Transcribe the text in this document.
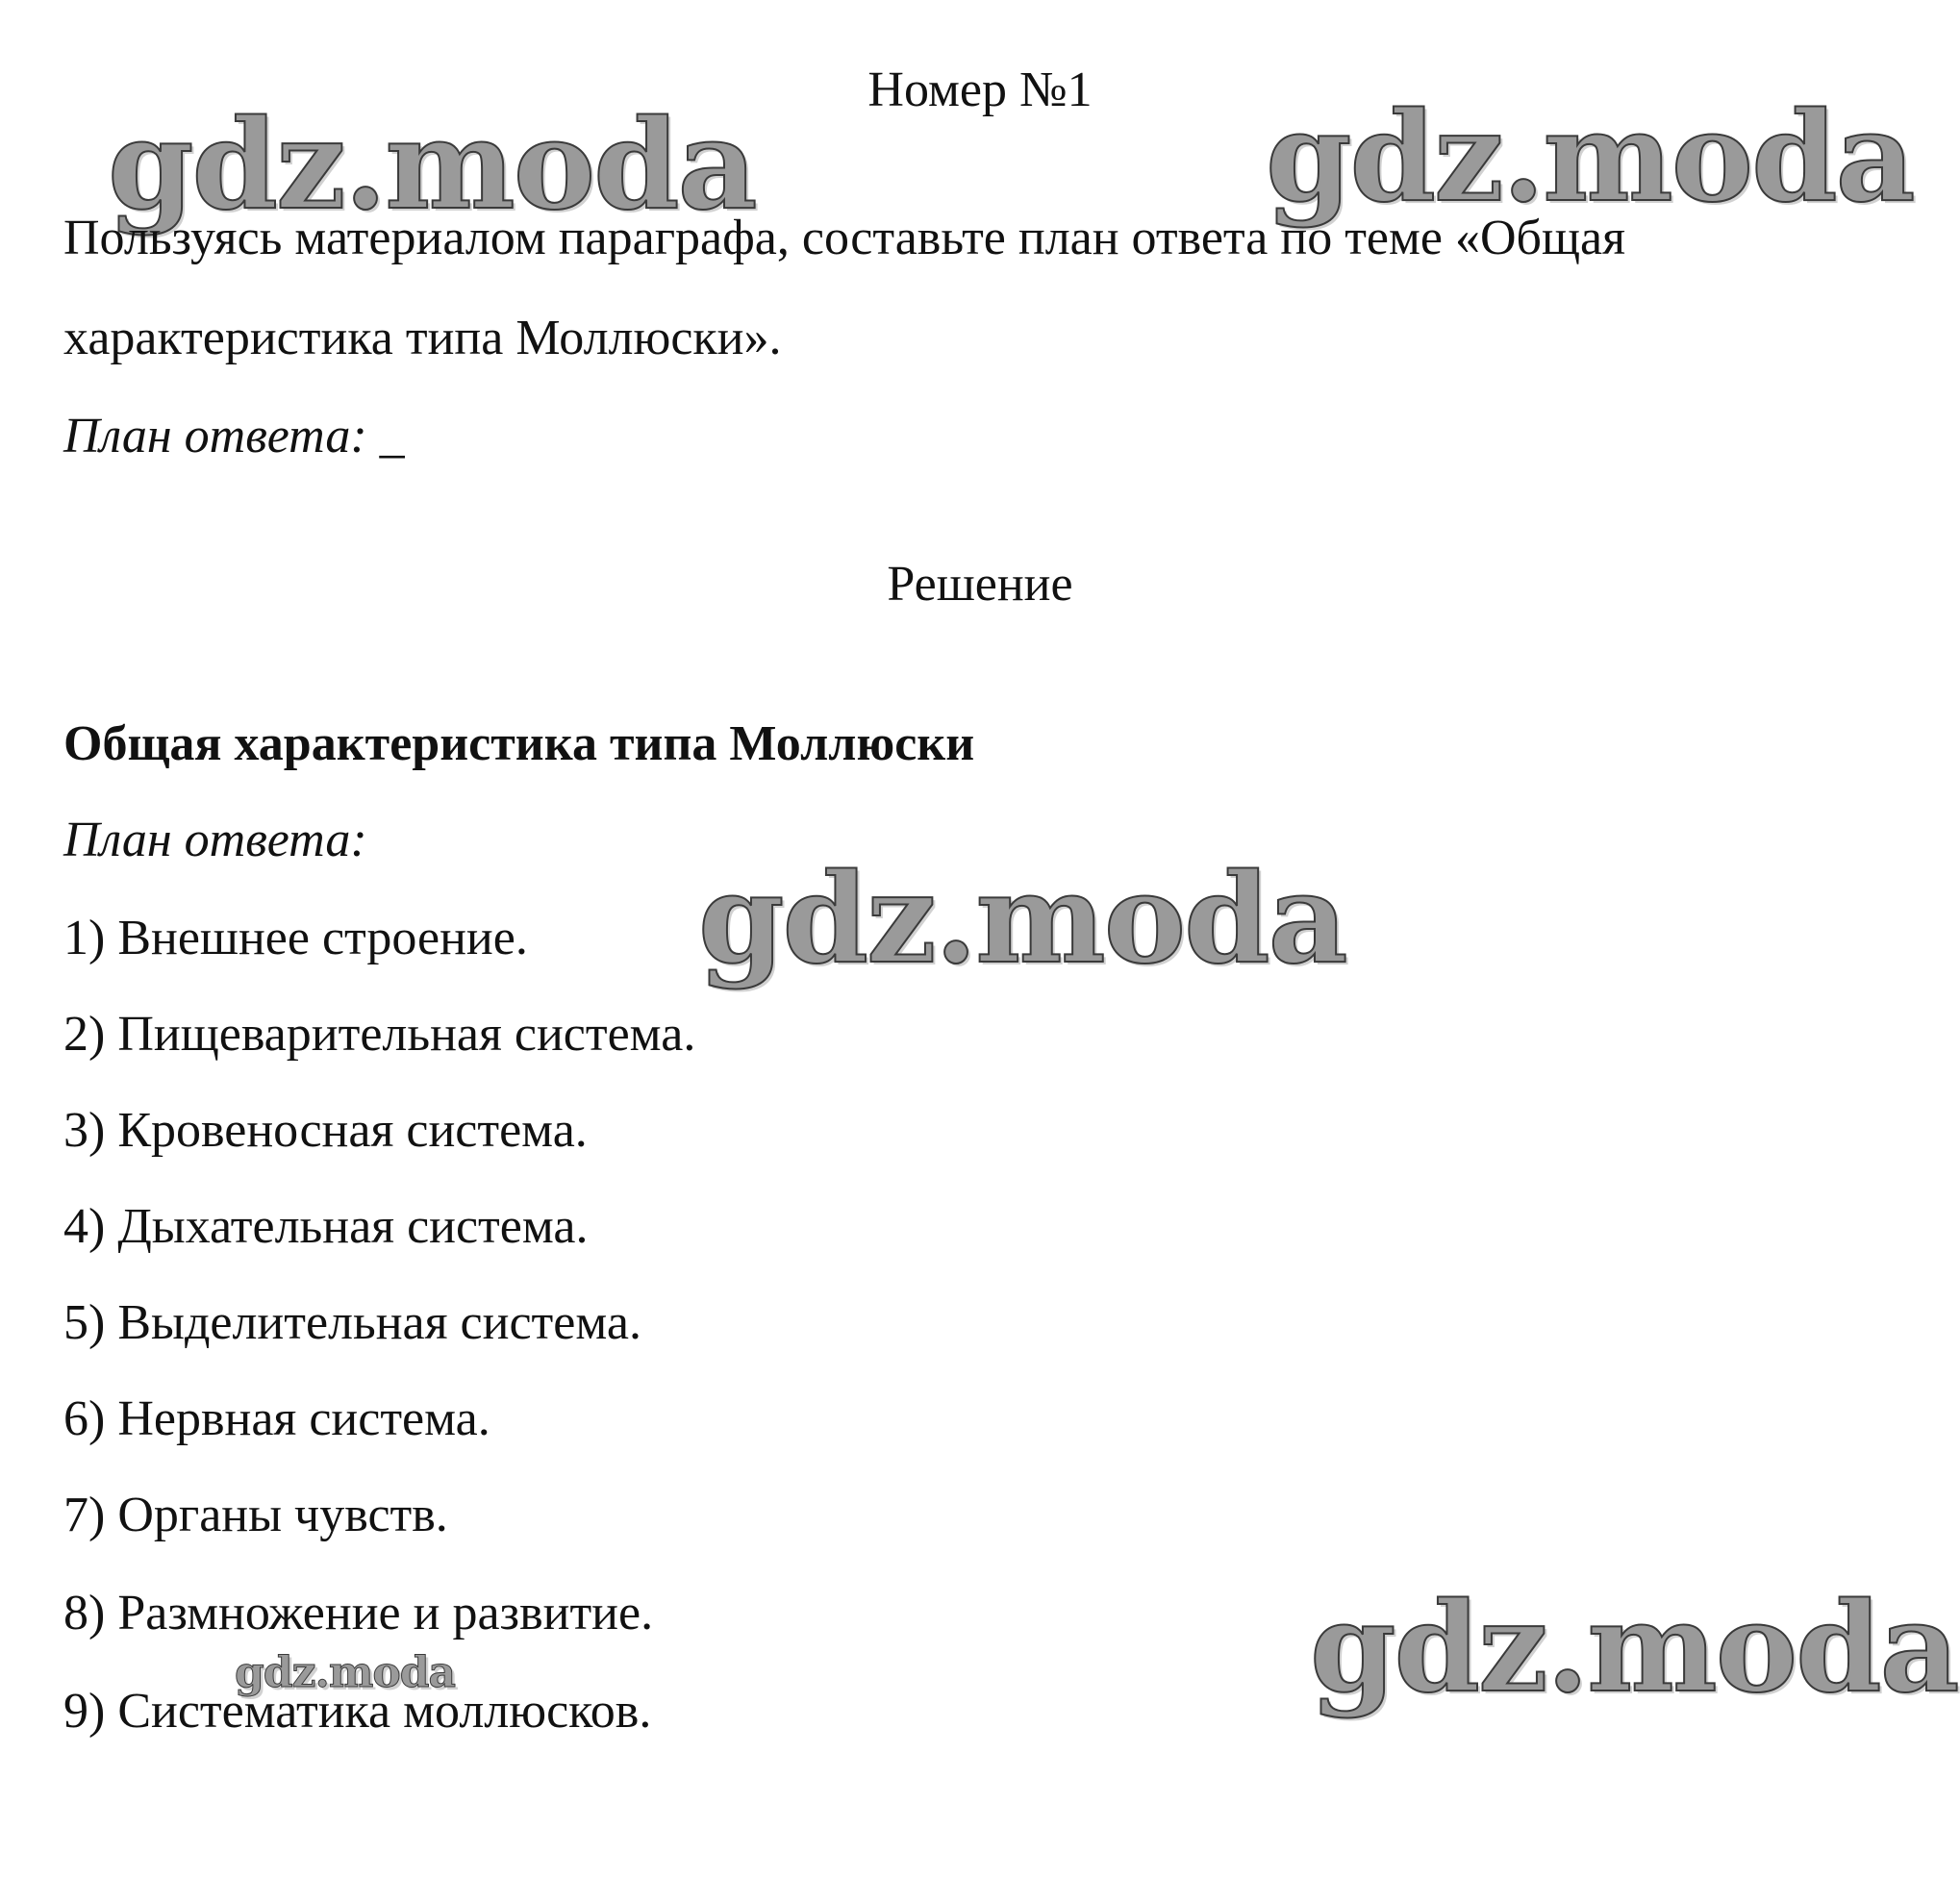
gdz.moda	gdz.moda
gdz.moda
gdz.moda
gdz.moda
Номер №1
Пользуясь материалом параграфа, составьте план ответа по теме «Общая
характеристика типа Моллюски».
План ответа: _
Решение
Общая характеристика типа Моллюски
План ответа:
1) Внешнее строение.
2) Пищеварительная система.
3) Кровеносная система.
4) Дыхательная система.
5) Выделительная система.
6) Нервная система.
7) Органы чувств.
8) Размножение и развитие.
9) Систематика моллюсков.
